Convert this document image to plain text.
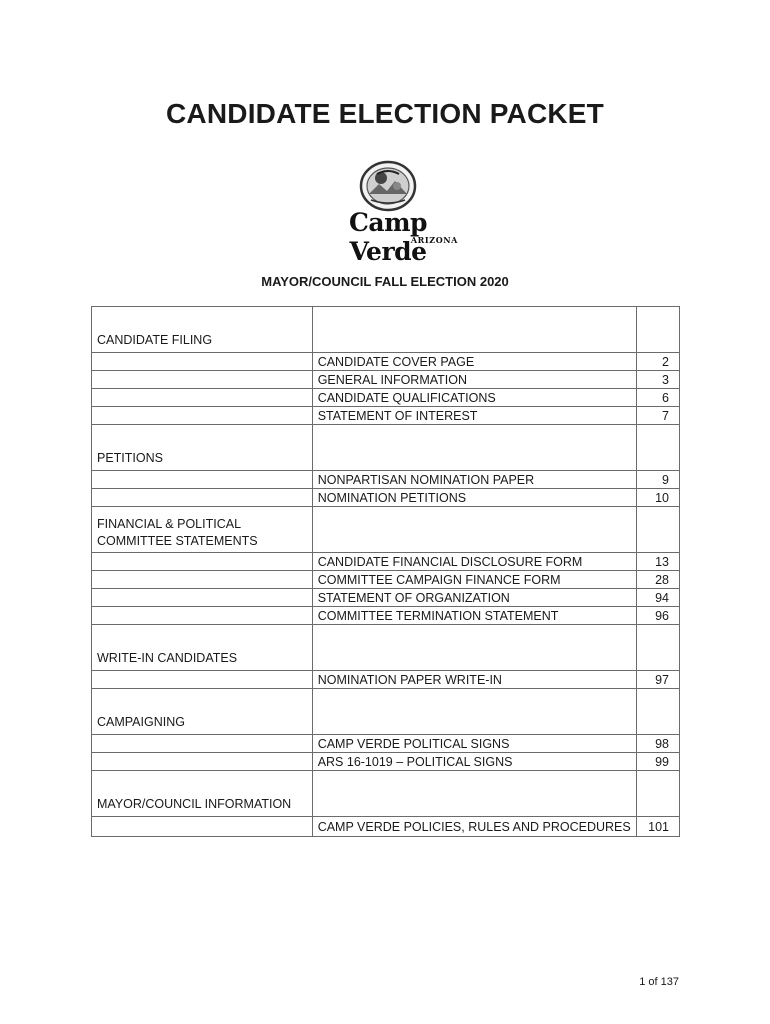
CANDIDATE ELECTION PACKET
Camp Verde
ARIZONA
MAYOR/COUNCIL FALL ELECTION 2020
CANDIDATE FILING		
	CANDIDATE COVER PAGE	2
	GENERAL INFORMATION	3
	CANDIDATE QUALIFICATIONS	6
	STATEMENT OF INTEREST	7
PETITIONS		
	NONPARTISAN NOMINATION PAPER	9
	NOMINATION PETITIONS	10
FINANCIAL & POLITICAL COMMITTEE STATEMENTS		
	CANDIDATE FINANCIAL DISCLOSURE FORM	13
	COMMITTEE CAMPAIGN FINANCE FORM	28
	STATEMENT OF ORGANIZATION	94
	COMMITTEE TERMINATION STATEMENT	96
WRITE-IN CANDIDATES		
	NOMINATION PAPER WRITE-IN	97
CAMPAIGNING		
	CAMP VERDE POLITICAL SIGNS	98
	ARS 16-1019 – POLITICAL SIGNS	99
MAYOR/COUNCIL INFORMATION		
	CAMP VERDE POLICIES, RULES AND PROCEDURES	101
1 of 137
